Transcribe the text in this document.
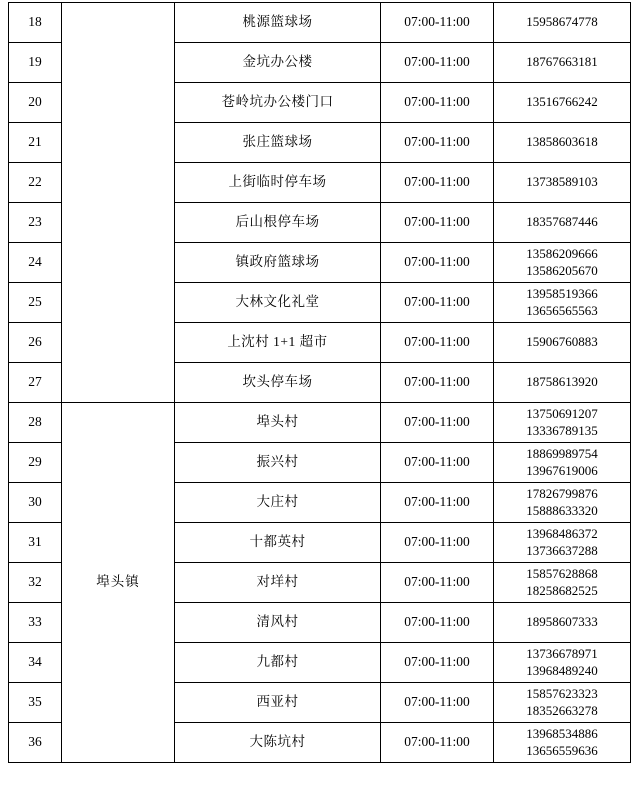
18		桃源篮球场	07:00-11:00	15958674778

19		金坑办公楼	07:00-11:00	18767663181

20		苍岭坑办公楼门口	07:00-11:00	13516766242

21		张庄篮球场	07:00-11:00	13858603618

22		上街临时停车场	07:00-11:00	13738589103

23		后山根停车场	07:00-11:00	18357687446

24		镇政府篮球场	07:00-11:00	13586209666
13586205670

25		大林文化礼堂	07:00-11:00	13958519366
13656565563

26		上沈村 1+1 超市	07:00-11:00	15906760883

27		坎头停车场	07:00-11:00	18758613920

28	埠头镇	埠头村	07:00-11:00	13750691207
13336789135

29		振兴村	07:00-11:00	18869989754
13967619006

30		大庄村	07:00-11:00	17826799876
15888633320

31		十都英村	07:00-11:00	13968486372
13736637288

32		对垟村	07:00-11:00	15857628868
18258682525

33		清风村	07:00-11:00	18958607333

34		九都村	07:00-11:00	13736678971
13968489240

35		西亚村	07:00-11:00	15857623323
18352663278

36		大陈坑村	07:00-11:00	13968534886
13656559636
